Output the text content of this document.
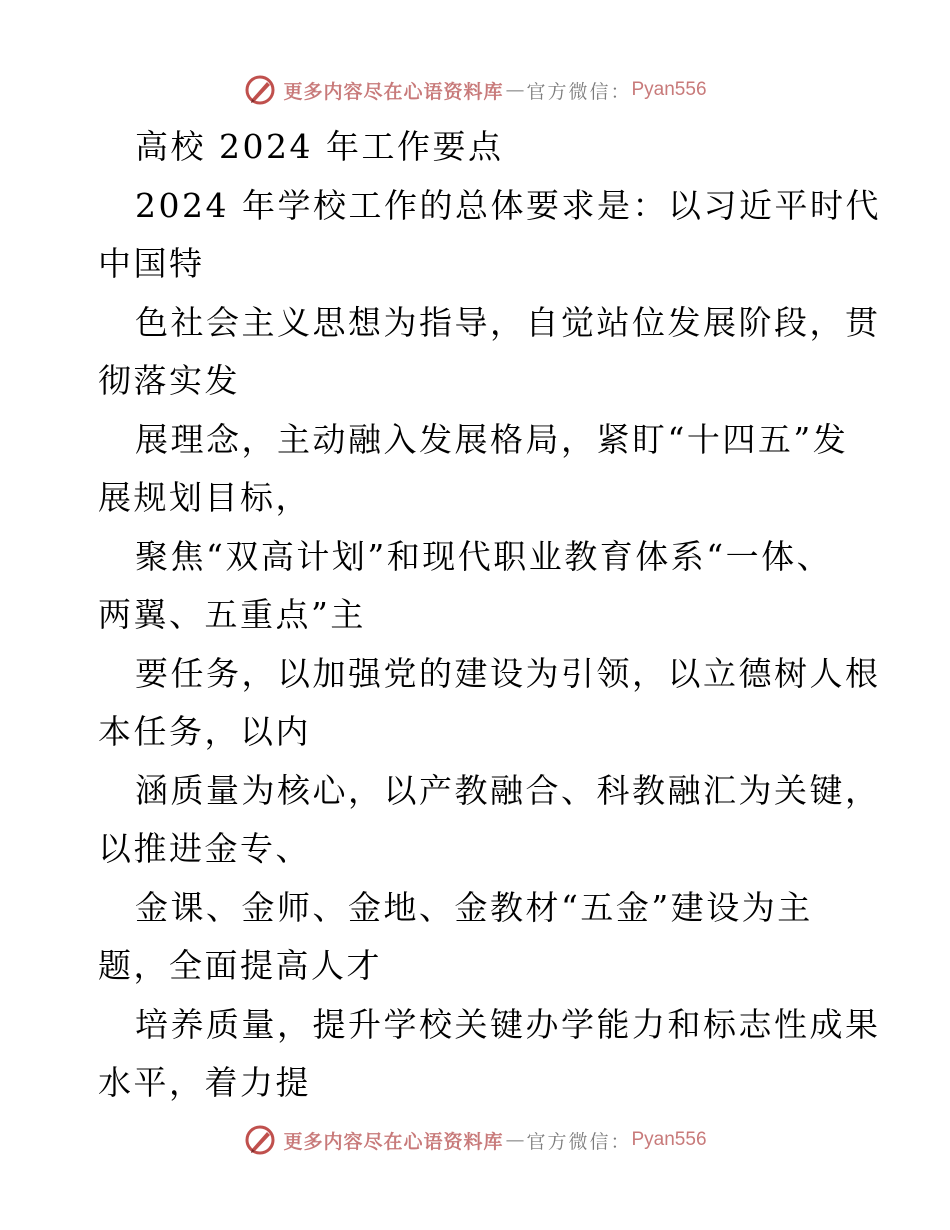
更多内容尽在心语资料库 — 官方微信： Pyan556
高校 2024 年工作要点
2024 年学校工作的总体要求是：以习近平时代
中国特
色社会主义思想为指导，自觉站位发展阶段，贯
彻落实发
展理念，主动融入发展格局，紧盯“十四五”发
展规划目标，
聚焦“双高计划”和现代职业教育体系“一体、
两翼、五重点”主
要任务，以加强党的建设为引领，以立德树人根
本任务，以内
涵质量为核心，以产教融合、科教融汇为关键，
以推进金专、
金课、金师、金地、金教材“五金”建设为主
题，全面提高人才
培养质量，提升学校关键办学能力和标志性成果
水平，着力提
更多内容尽在心语资料库 — 官方微信： Pyan556
